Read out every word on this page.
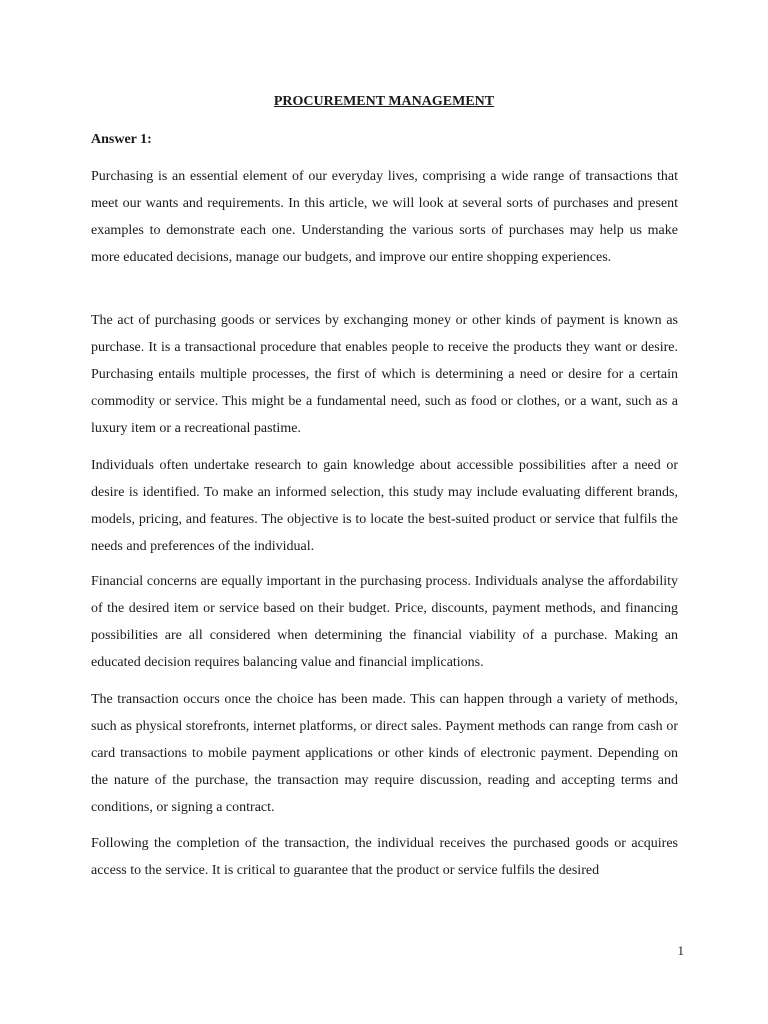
PROCUREMENT MANAGEMENT
Answer 1:

Purchasing is an essential element of our everyday lives, comprising a wide range of transactions that meet our wants and requirements. In this article, we will look at several sorts of purchases and present examples to demonstrate each one. Understanding the various sorts of purchases may help us make more educated decisions, manage our budgets, and improve our entire shopping experiences.

The act of purchasing goods or services by exchanging money or other kinds of payment is known as purchase. It is a transactional procedure that enables people to receive the products they want or desire. Purchasing entails multiple processes, the first of which is determining a need or desire for a certain commodity or service. This might be a fundamental need, such as food or clothes, or a want, such as a luxury item or a recreational pastime.

Individuals often undertake research to gain knowledge about accessible possibilities after a need or desire is identified. To make an informed selection, this study may include evaluating different brands, models, pricing, and features. The objective is to locate the best-suited product or service that fulfils the needs and preferences of the individual.

Financial concerns are equally important in the purchasing process. Individuals analyse the affordability of the desired item or service based on their budget. Price, discounts, payment methods, and financing possibilities are all considered when determining the financial viability of a purchase. Making an educated decision requires balancing value and financial implications.

The transaction occurs once the choice has been made. This can happen through a variety of methods, such as physical storefronts, internet platforms, or direct sales. Payment methods can range from cash or card transactions to mobile payment applications or other kinds of electronic payment. Depending on the nature of the purchase, the transaction may require discussion, reading and accepting terms and conditions, or signing a contract.

Following the completion of the transaction, the individual receives the purchased goods or acquires access to the service. It is critical to guarantee that the product or service fulfils the desired

1
